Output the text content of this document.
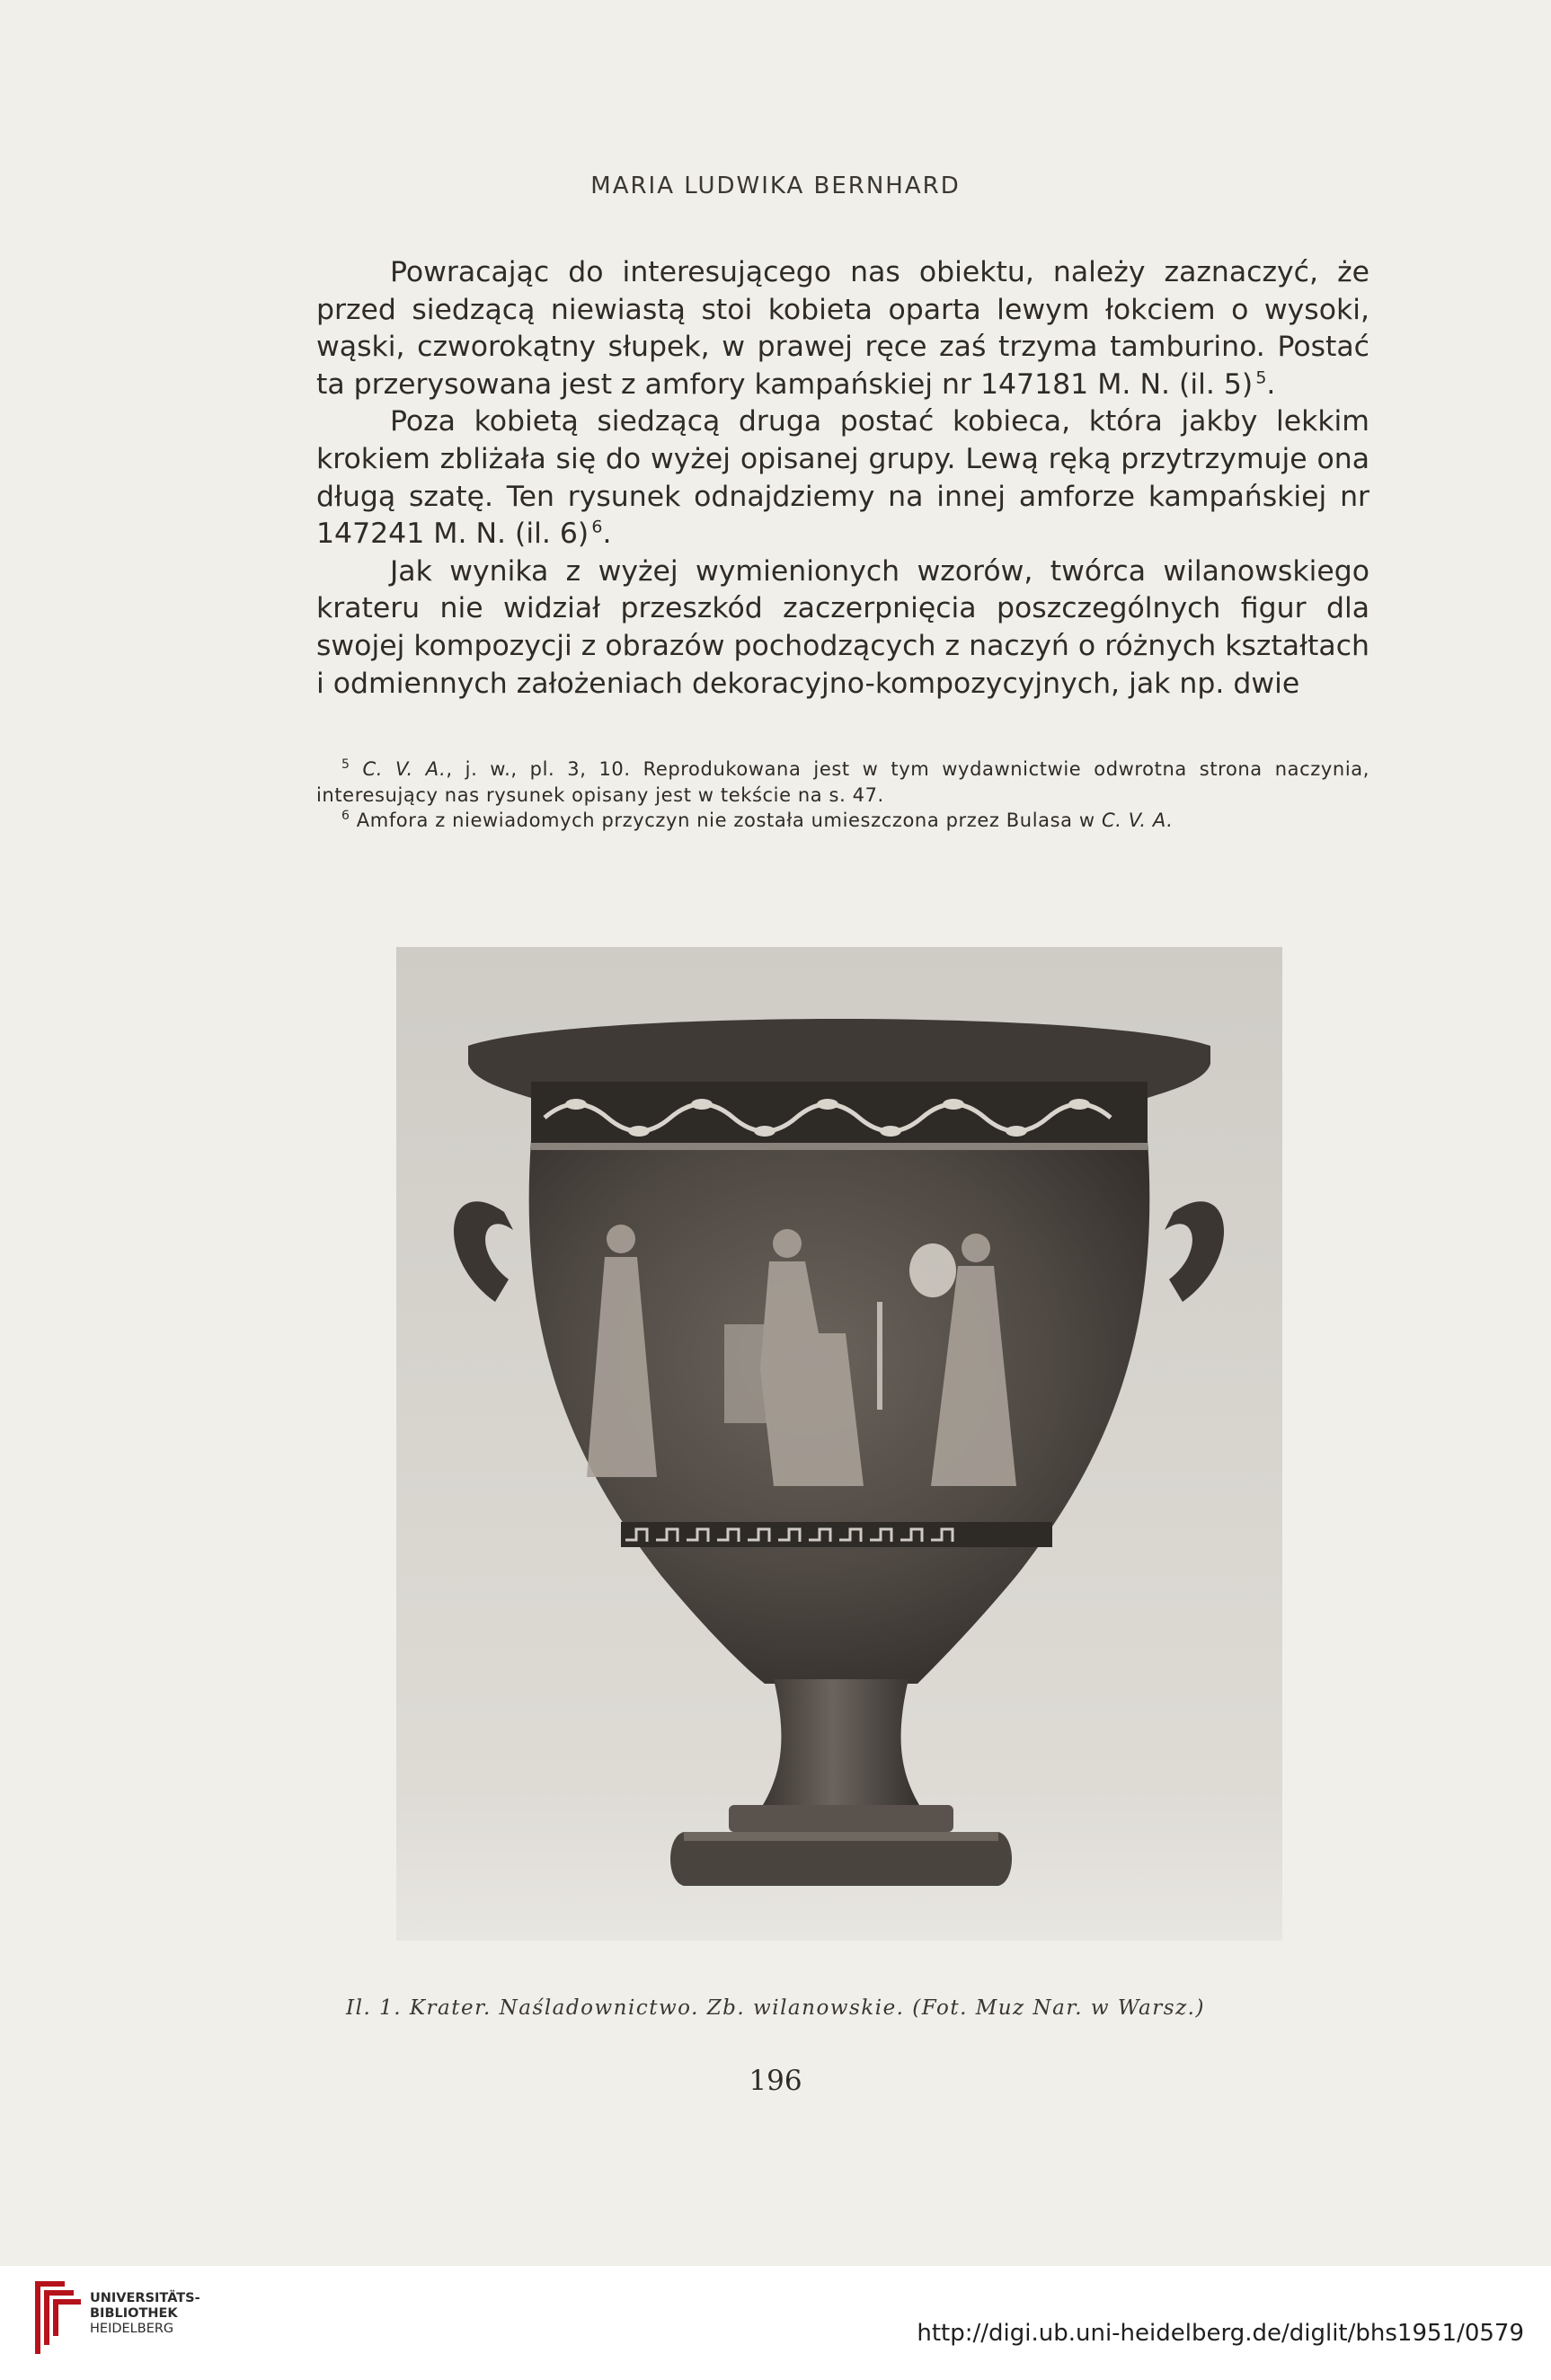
MARIA LUDWIKA BERNHARD

Powracając do interesującego nas obiektu, należy zaznaczyć, że przed siedzącą niewiastą stoi kobieta oparta lewym łokciem o wysoki, wąski, czworokątny słupek, w prawej ręce zaś trzyma tamburino. Postać ta przerysowana jest z amfory kampańskiej nr 147181 M. N. (il. 5)  $^5$.

Poza kobietą siedzącą druga postać kobieca, która jakby lekkim krokiem zbliżała się do wyżej opisanej grupy. Lewą ręką przytrzymuje ona długą szatę. Ten rysunek odnajdziemy na innej amforze kampańskiej nr 147241 M. N. (il. 6)  $^6$.

Jak wynika z wyżej wymienionych wzorów, twórca wilanowskiego krateru nie widział przeszkód zaczerpnięcia poszczególnych figur dla swojej kompozycji z obrazów pochodzących z naczyń o różnych kształtach i odmiennych założeniach dekoracyjno-kompozycyjnych, jak np. dwie

$^5$ C. V. A., j. w., pl. 3, 10. Reprodukowana jest w tym wydawnictwie odwrotna strona naczynia, interesujący nas rysunek opisany jest w tekście na s. 47.

$^6$ Amfora z niewiadomych przyczyn nie została umieszczona przez Bulasa w C. V. A.

Il. 1. Krater. Naśladownictwo. Zb. wilanowskie. (Fot. Muz Nar. w Warsz.)
196
UNIVERSITÄTS-
BIBLIOTHEK
HEIDELBERG	http://digi.ub.uni-heidelberg.de/diglit/bhs1951/0579
